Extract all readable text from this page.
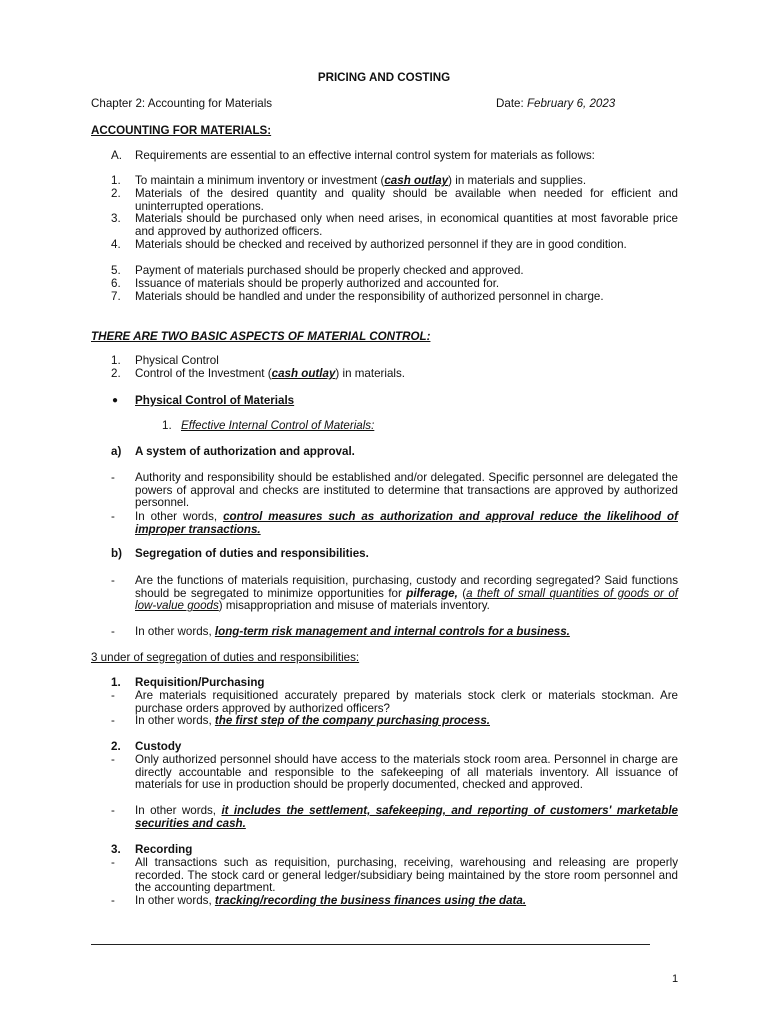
PRICING AND COSTING
Chapter 2: Accounting for Materials	Date: February 6, 2023
ACCOUNTING FOR MATERIALS:
A. Requirements are essential to an effective internal control system for materials as follows:
1. To maintain a minimum inventory or investment (cash outlay) in materials and supplies.
2. Materials of the desired quantity and quality should be available when needed for efficient and uninterrupted operations.
3. Materials should be purchased only when need arises, in economical quantities at most favorable price and approved by authorized officers.
4. Materials should be checked and received by authorized personnel if they are in good condition.
5. Payment of materials purchased should be properly checked and approved.
6. Issuance of materials should be properly authorized and accounted for.
7. Materials should be handled and under the responsibility of authorized personnel in charge.
THERE ARE TWO BASIC ASPECTS OF MATERIAL CONTROL:
1. Physical Control
2. Control of the Investment (cash outlay) in materials.
● Physical Control of Materials
1. Effective Internal Control of Materials:
a) A system of authorization and approval.
- Authority and responsibility should be established and/or delegated. Specific personnel are delegated the powers of approval and checks are instituted to determine that transactions are approved by authorized personnel.
- In other words, control measures such as authorization and approval reduce the likelihood of improper transactions.
b) Segregation of duties and responsibilities.
- Are the functions of materials requisition, purchasing, custody and recording segregated? Said functions should be segregated to minimize opportunities for pilferage, (a theft of small quantities of goods or of low-value goods) misappropriation and misuse of materials inventory.
- In other words, long-term risk management and internal controls for a business.
3 under of segregation of duties and responsibilities:
1. Requisition/Purchasing
- Are materials requisitioned accurately prepared by materials stock clerk or materials stockman. Are purchase orders approved by authorized officers?
- In other words, the first step of the company purchasing process.
2. Custody
- Only authorized personnel should have access to the materials stock room area. Personnel in charge are directly accountable and responsible to the safekeeping of all materials inventory. All issuance of materials for use in production should be properly documented, checked and approved.
- In other words, it includes the settlement, safekeeping, and reporting of customers' marketable securities and cash.
3. Recording
- All transactions such as requisition, purchasing, receiving, warehousing and releasing are properly recorded. The stock card or general ledger/subsidiary being maintained by the store room personnel and the accounting department.
- In other words, tracking/recording the business finances using the data.
1
